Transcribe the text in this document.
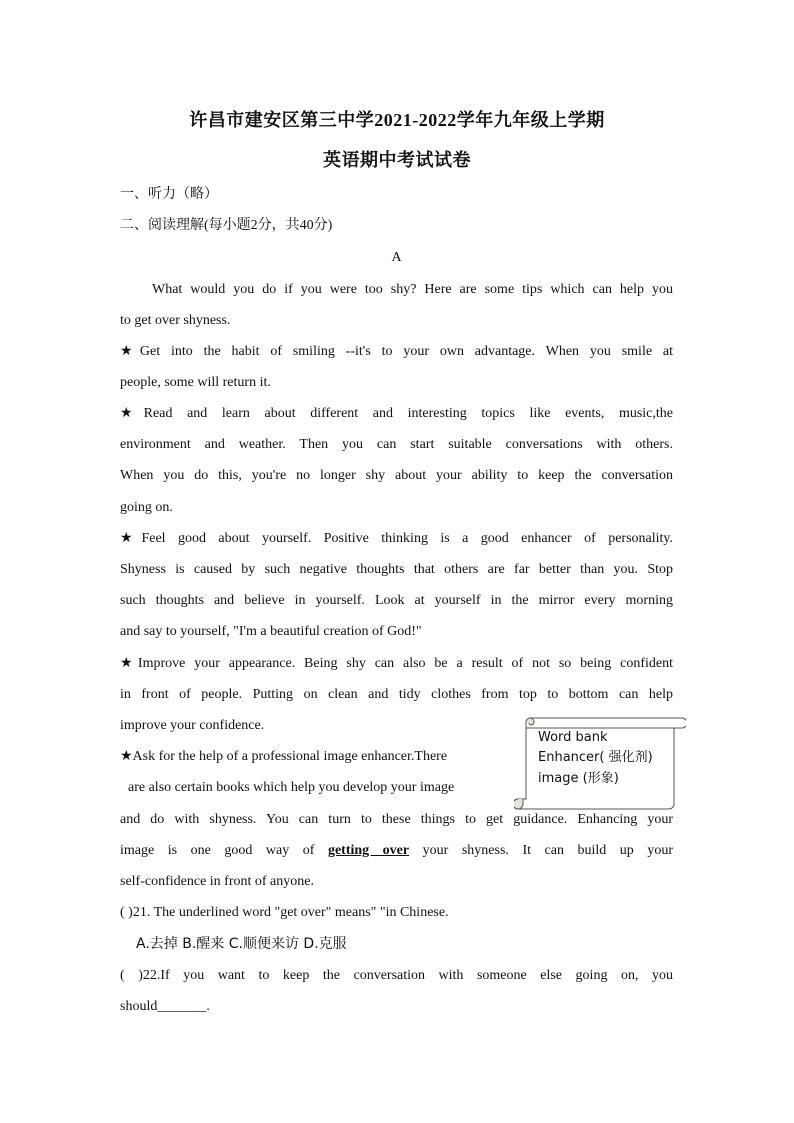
许昌市建安区第三中学2021-2022学年九年级上学期
英语期中考试试卷
一、听力（略）
二、阅读理解(每小题2分，共40分)
A
What would you do if you were too shy? Here are some tips which can help you
to get over shyness.
★Get into the habit of smiling --it's to your own advantage. When you smile at
people, some will return it.
★Read and learn about different and interesting topics like events, music,the
environment and weather. Then you can start suitable conversations with others.
When you do this, you're no longer shy about your ability to keep the conversation
going on.
★Feel good about yourself. Positive thinking is a good enhancer of personality.
Shyness is caused by such negative thoughts that others are far better than you. Stop
such thoughts and believe in yourself. Look at yourself in the mirror every morning
and say to yourself, "I'm a beautiful creation of God!"
★Improve your appearance. Being shy can also be a result of not so being confident
in front of people. Putting on clean and tidy clothes from top to bottom can help
improve your confidence.
★Ask for the help of a professional image enhancer.There
are also certain books which help you develop your image
and do with shyness. You can turn to these things to get guidance. Enhancing your
image is one good way of getting over your shyness. It can build up your
self-confidence in front of anyone.
( )21. The underlined word "get over" means" "in Chinese.
A.去掉 B.醒来 C.顺便来访 D.克服
( )22.If you want to keep the conversation with someone else going on, you
should_______.
Word bank
Enhancer( 强化剂)
image (形象)
